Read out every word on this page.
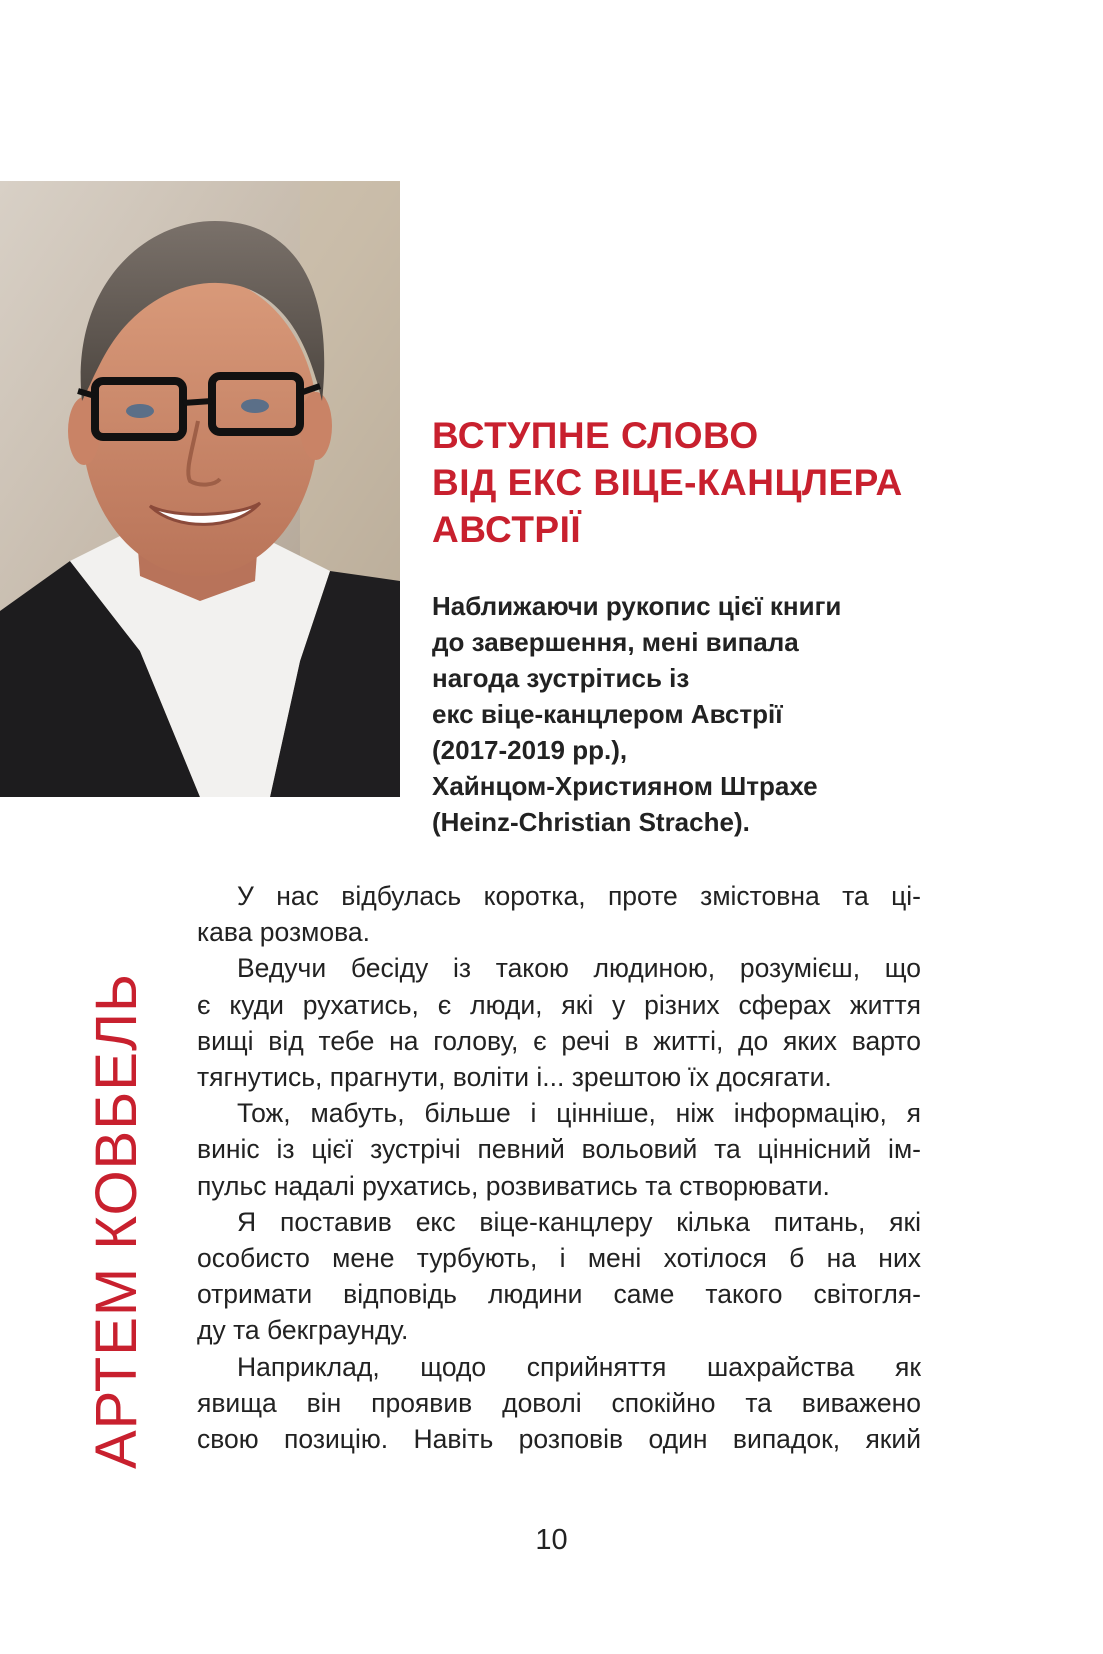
ВСТУПНЕ СЛОВО
ВІД ЕКС ВІЦЕ-КАНЦЛЕРА
АВСТРІЇ
Наближаючи рукопис цієї книги
до завершення, мені випала
нагода зустрітись із
екс віце-канцлером Австрії
(2017-2019 рр.),
Хайнцом-Християном Штрахе
(Heinz-Christian Strache).
АРТЕМ КОВБЕЛЬ
У нас відбулась коротка, проте змістовна та ці-
кава розмова.
Ведучи бесіду із такою людиною, розумієш, що
є куди рухатись, є люди, які у різних сферах життя
вищі від тебе на голову, є речі в житті, до яких варто
тягнутись, прагнути, воліти і... зрештою їх досягати.
Тож, мабуть, більше і цінніше, ніж інформацію, я
виніс із цієї зустрічі певний вольовий та ціннісний ім-
пульс надалі рухатись, розвиватись та створювати.
Я поставив екс віце-канцлеру кілька питань, які
особисто мене турбують, і мені хотілося б на них
отримати відповідь людини саме такого світогля-
ду та бекграунду.
Наприклад, щодо сприйняття шахрайства як
явища він проявив доволі спокійно та виважено
свою позицію. Навіть розповів один випадок, який
10
